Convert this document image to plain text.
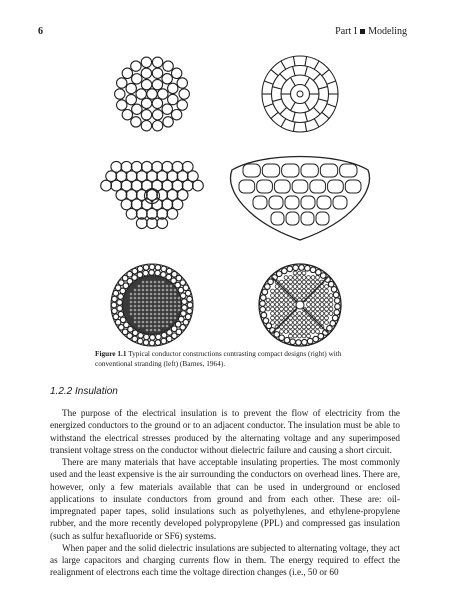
6	Part I Modeling
Figure 1.1 Typical conductor constructions contrasting compact designs (right) with conventional stranding (left) (Barnes, 1964).
1.2.2 Insulation

The purpose of the electrical insulation is to prevent the flow of electricity from the energized conductors to the ground or to an adjacent conductor. The insulation must be able to withstand the electrical stresses produced by the alternating voltage and any superimposed transient voltage stress on the conductor without dielectric failure and causing a short circuit.

There are many materials that have acceptable insulating properties. The most commonly used and the least expensive is the air surrounding the conductors on overhead lines. There are, however, only a few materials available that can be used in underground or enclosed applications to insulate conductors from ground and from each other. These are: oil-impregnated paper tapes, solid insulations such as polyethylenes, and ethylene-propylene rubber, and the more recently developed polypropylene (PPL) and compressed gas insulation (such as sulfur hexafluoride or SF6) systems.

When paper and the solid dielectric insulations are subjected to alternating voltage, they act as large capacitors and charging currents flow in them. The energy required to effect the realignment of electrons each time the voltage direction changes (i.e., 50 or 60
